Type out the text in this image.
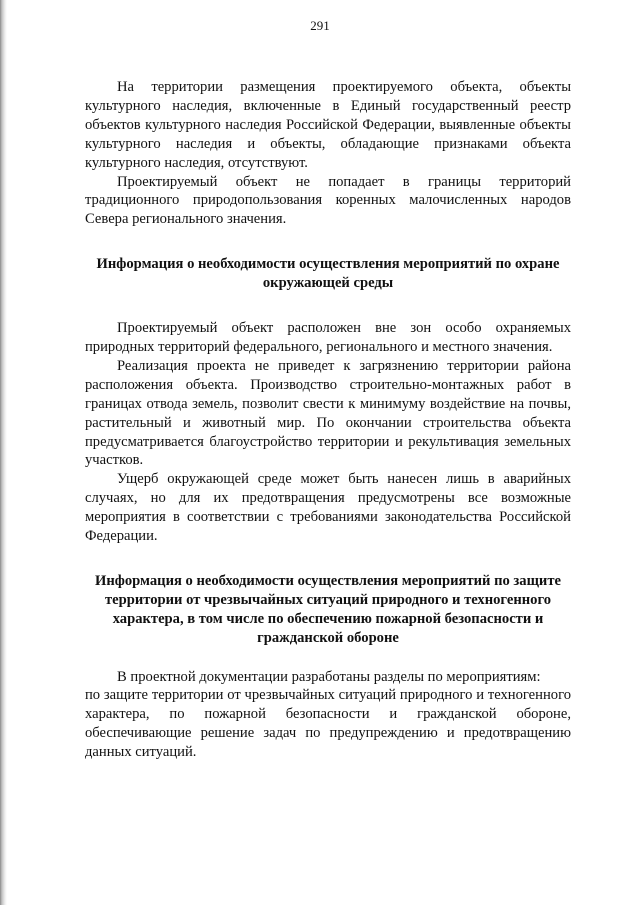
291

На территории размещения проектируемого объекта, объекты культурного наследия, включенные в Единый государственный реестр объектов культурного наследия Российской Федерации, выявленные объекты культурного наследия и объекты, обладающие признаками объекта культурного наследия, отсутствуют.

Проектируемый объект не попадает в границы территорий традиционного природопользования коренных малочисленных народов Севера регионального значения.

Информация о необходимости осуществления мероприятий по охране окружающей среды

Проектируемый объект расположен вне зон особо охраняемых природных территорий федерального, регионального и местного значения.

Реализация проекта не приведет к загрязнению территории района расположения объекта. Производство строительно-монтажных работ в границах отвода земель, позволит свести к минимуму воздействие на почвы, растительный и животный мир. По окончании строительства объекта предусматривается благоустройство территории и рекультивация земельных участков.

Ущерб окружающей среде может быть нанесен лишь в аварийных случаях, но для их предотвращения предусмотрены все возможные мероприятия в соответствии с требованиями законодательства Российской Федерации.

Информация о необходимости осуществления мероприятий по защите территории от чрезвычайных ситуаций природного и техногенного характера, в том числе по обеспечению пожарной безопасности и гражданской обороне

В проектной документации разработаны разделы по мероприятиям:

по защите территории от чрезвычайных ситуаций природного и техногенного характера, по пожарной безопасности и гражданской обороне, обеспечивающие решение задач по предупреждению и предотвращению данных ситуаций.
